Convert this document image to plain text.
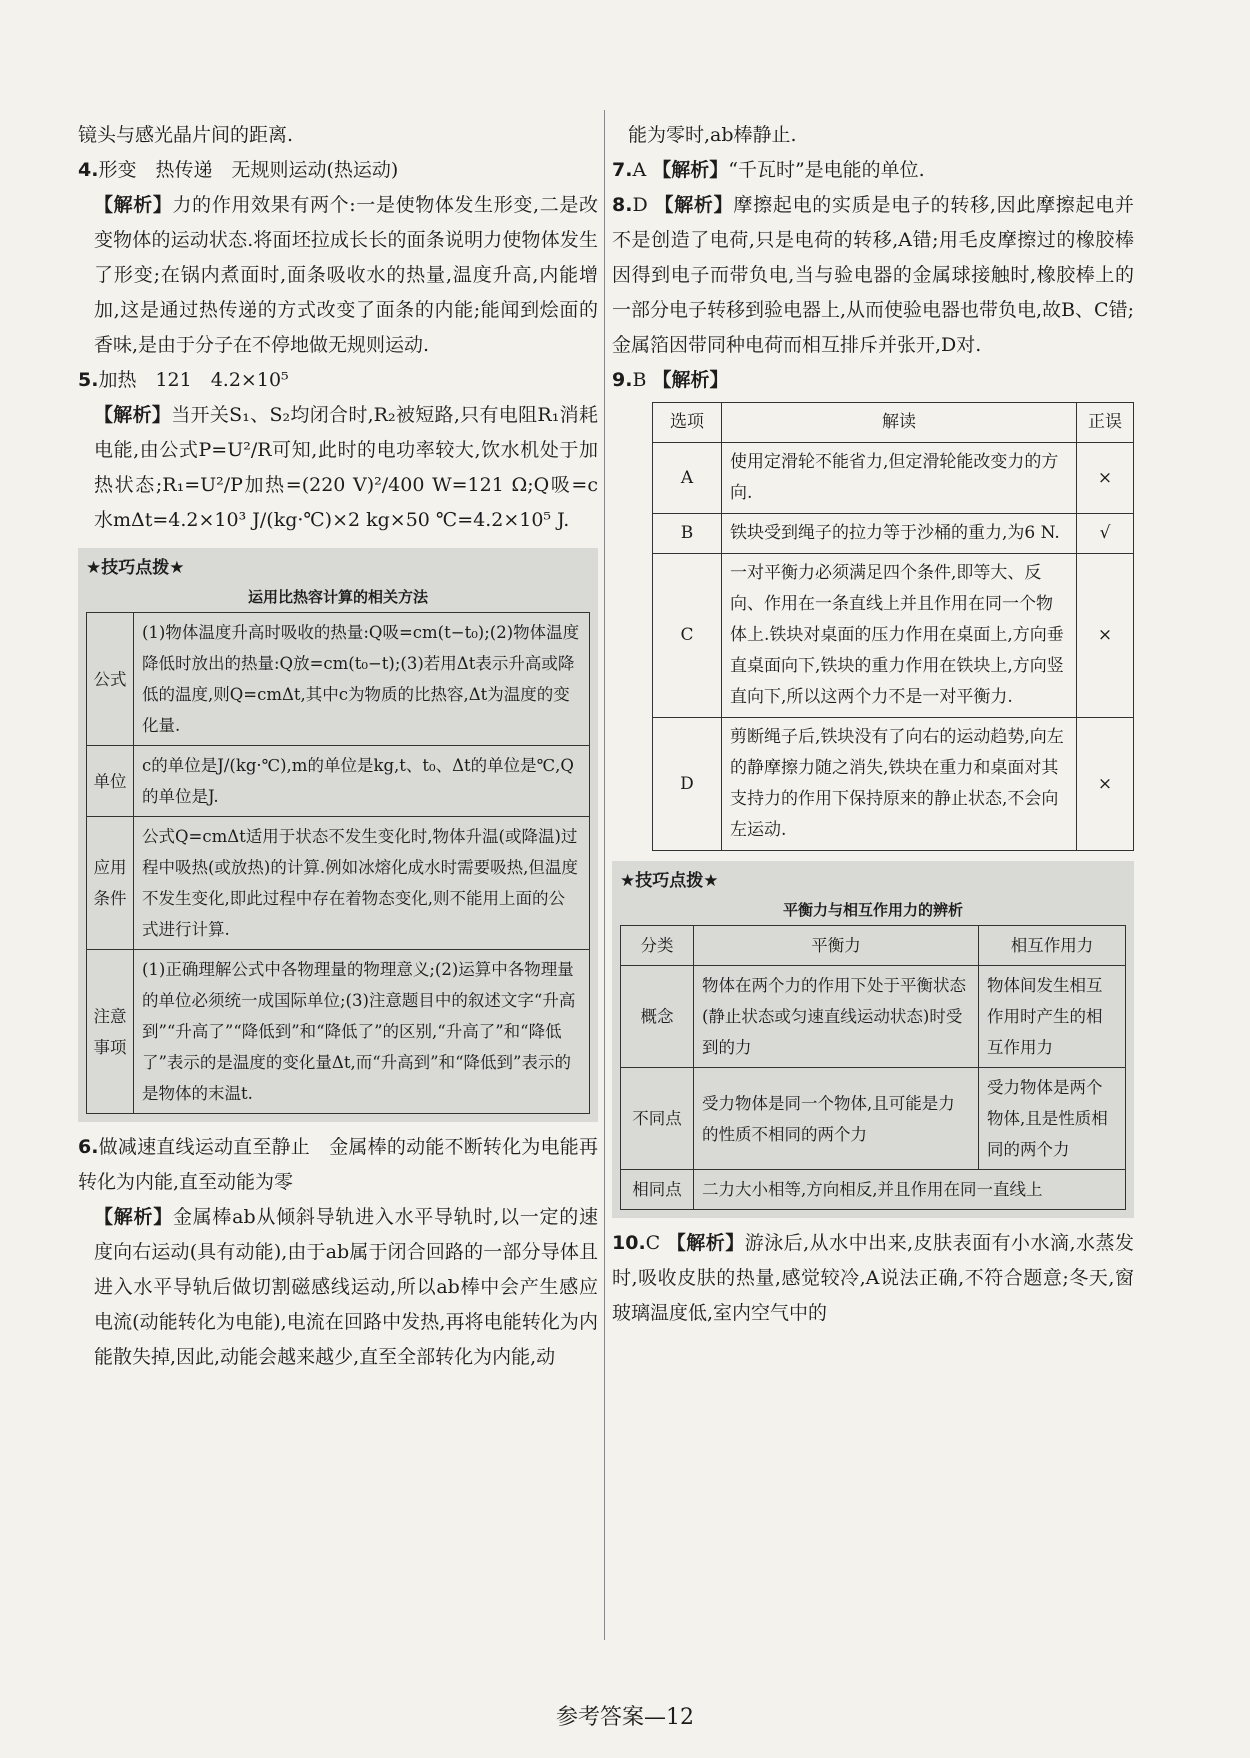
镜头与感光晶片间的距离.

4.形变　热传递　无规则运动(热运动)

【解析】力的作用效果有两个:一是使物体发生形变,二是改变物体的运动状态.将面坯拉成长长的面条说明力使物体发生了形变;在锅内煮面时,面条吸收水的热量,温度升高,内能增加,这是通过热传递的方式改变了面条的内能;能闻到烩面的香味,是由于分子在不停地做无规则运动.

5.加热　121　4.2×10⁵

【解析】当开关S₁、S₂均闭合时,R₂被短路,只有电阻R₁消耗电能,由公式P=U²/R可知,此时的电功率较大,饮水机处于加热状态;R₁=U²/P加热=(220 V)²/400 W=121 Ω;Q吸=c水mΔt=4.2×10³ J/(kg·℃)×2 kg×50 ℃=4.2×10⁵ J.

★技巧点拨★
运用比热容计算的相关方法
公式	(1)物体温度升高时吸收的热量:Q吸=cm(t−t₀);(2)物体温度降低时放出的热量:Q放=cm(t₀−t);(3)若用Δt表示升高或降低的温度,则Q=cmΔt,其中c为物质的比热容,Δt为温度的变化量.
单位	c的单位是J/(kg·℃),m的单位是kg,t、t₀、Δt的单位是℃,Q的单位是J.
应用条件	公式Q=cmΔt适用于状态不发生变化时,物体升温(或降温)过程中吸热(或放热)的计算.例如冰熔化成水时需要吸热,但温度不发生变化,即此过程中存在着物态变化,则不能用上面的公式进行计算.
注意事项	(1)正确理解公式中各物理量的物理意义;(2)运算中各物理量的单位必须统一成国际单位;(3)注意题目中的叙述文字“升高到”“升高了”“降低到”和“降低了”的区别,“升高了”和“降低了”表示的是温度的变化量Δt,而“升高到”和“降低到”表示的是物体的末温t.

6.做减速直线运动直至静止　金属棒的动能不断转化为电能再转化为内能,直至动能为零

【解析】金属棒ab从倾斜导轨进入水平导轨时,以一定的速度向右运动(具有动能),由于ab属于闭合回路的一部分导体且进入水平导轨后做切割磁感线运动,所以ab棒中会产生感应电流(动能转化为电能),电流在回路中发热,再将电能转化为内能散失掉,因此,动能会越来越少,直至全部转化为内能,动

能为零时,ab棒静止.

7.A 【解析】“千瓦时”是电能的单位.

8.D 【解析】摩擦起电的实质是电子的转移,因此摩擦起电并不是创造了电荷,只是电荷的转移,A错;用毛皮摩擦过的橡胶棒因得到电子而带负电,当与验电器的金属球接触时,橡胶棒上的一部分电子转移到验电器上,从而使验电器也带负电,故B、C错;金属箔因带同种电荷而相互排斥并张开,D对.

9.B 【解析】

选项	解读	正误
A	使用定滑轮不能省力,但定滑轮能改变力的方向.	×
B	铁块受到绳子的拉力等于沙桶的重力,为6 N.	√
C	一对平衡力必须满足四个条件,即等大、反向、作用在一条直线上并且作用在同一个物体上.铁块对桌面的压力作用在桌面上,方向垂直桌面向下,铁块的重力作用在铁块上,方向竖直向下,所以这两个力不是一对平衡力.	×
D	剪断绳子后,铁块没有了向右的运动趋势,向左的静摩擦力随之消失,铁块在重力和桌面对其支持力的作用下保持原来的静止状态,不会向左运动.	×
★技巧点拨★
平衡力与相互作用力的辨析
分类	平衡力	相互作用力
概念	物体在两个力的作用下处于平衡状态(静止状态或匀速直线运动状态)时受到的力	物体间发生相互作用时产生的相互作用力
不同点	受力物体是同一个物体,且可能是力的性质不相同的两个力	受力物体是两个物体,且是性质相同的两个力
相同点	二力大小相等,方向相反,并且作用在同一直线上	

10.C 【解析】游泳后,从水中出来,皮肤表面有小水滴,水蒸发时,吸收皮肤的热量,感觉较冷,A说法正确,不符合题意;冬天,窗玻璃温度低,室内空气中的

参考答案—12
